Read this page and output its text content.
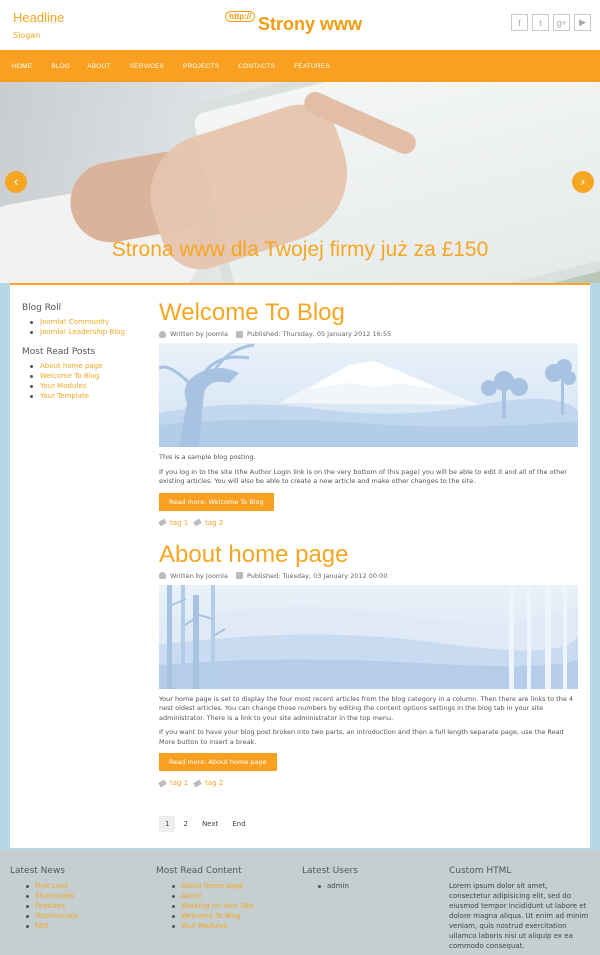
Headline
Slogan
http:// Strony www	f	t	g+	▶
HOME	BLOG	ABOUT	SERVICES	PROJECTS	CONTACTS	FEATURES
Strona www dla Twojej firmy już za £150
‹	›
Blog Roll
Joomla! Community
Joomla! Leadership Blog
Most Read Posts
About home page
Welcome To Blog
Your Modules
Your Template
Welcome To Blog
Written by Joomla	Published: Thursday, 05 January 2012 16:55

This is a sample blog posting.

If you log in to the site (the Author Login link is on the very bottom of this page) you will be able to edit it and all of the other existing articles. You will also be able to create a new article and make other changes to the site.

Read more: Welcome To Blog
tag 1 tag 2
About home page
Written by Joomla	Published: Tuesday, 03 January 2012 00:00

Your home page is set to display the four most recent articles from the blog category in a column. Then there are links to the 4 nest oldest articles. You can change those numbers by editing the content options settings in the blog tab in your site administrator. There is a link to your site administrator in the top menu.

If you want to have your blog post broken into two parts, an introduction and then a full length separate page, use the Read More button to insert a break.

Read more: About home page
tag 1 tag 2
1	2	Next	End
Latest News
First Look
Shortcodes
Features
Testimonials
FAQ
Most Read Content
About home page
About
Working on Your Site
Welcome To Blog
Your Modules
Latest Users
admin
Custom HTML
Lorem ipsum dolor sit amet, consectetur adipisicing elit, sed do eiusmod tempor incididunt ut labore et dolore magna aliqua. Ut enim ad minim veniam, quis nostrud exercitation ullamco laboris nisi ut aliquip ex ea commodo consequat.
